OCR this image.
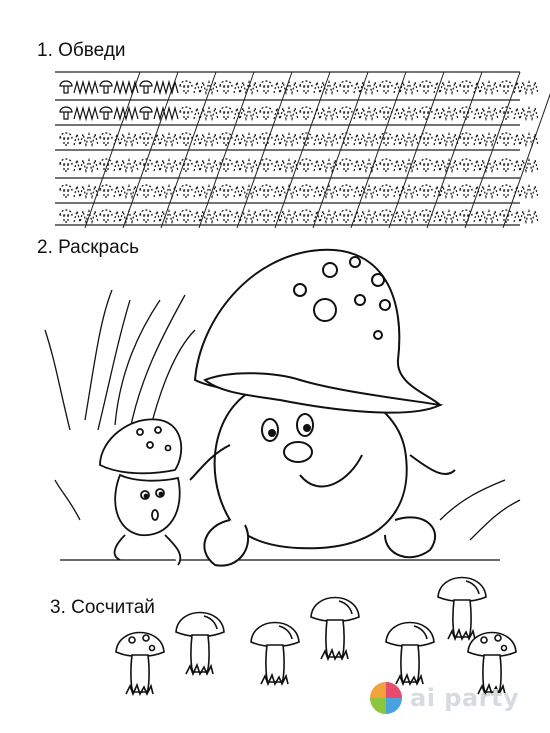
1. Обведи
2. Раскрась
3. Сосчитай
ai party
